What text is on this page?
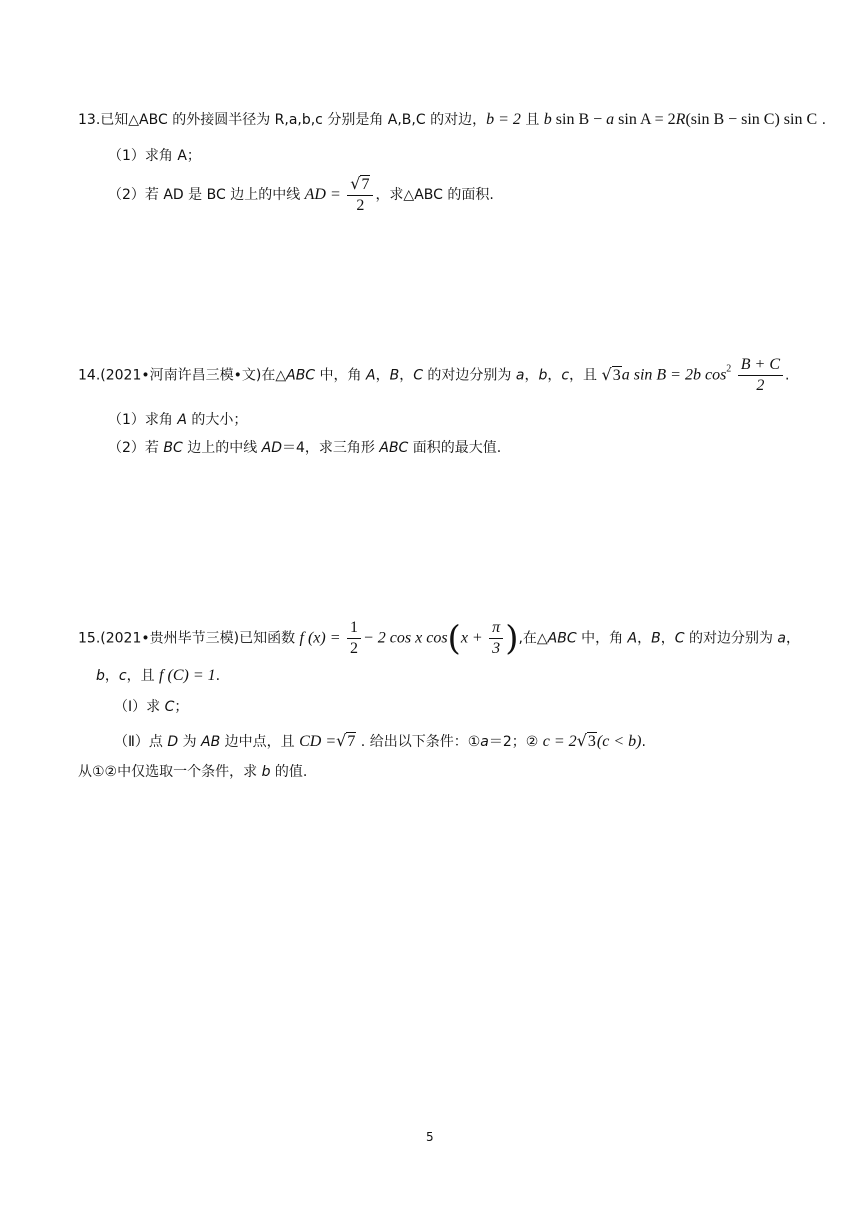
13.已知△ABC 的外接圆半径为 R,a,b,c 分别是角 A,B,C 的对边，b = 2 且 b sin B − a sin A = 2R(sin B − sin C) sin C .
（1）求角 A；
（2）若 AD 是 BC 边上的中线 AD = $\frac{√7}{2}$ ，求△ABC 的面积.
14.(2021•河南许昌三模•文)在△ABC 中，角 A，B，C 的对边分别为 a，b，c，且 √3a sin B = 2b $\cos^2 \frac{B + C}{2}$ .
（1）求角 A 的大小；
（2）若 BC 边上的中线 AD＝4，求三角形 ABC 面积的最大值.
15.(2021•贵州毕节三模)已知函数 f $(x) = \frac{1}{2} - 2$ cos x $\cos(x + \frac{\pi}{3}$ ),在△ABC 中，角 A，B，C 的对边分别为 a，
b，c，且 f (C) = 1.
（Ⅰ）求 C；
（Ⅱ）点 D 为 AB 边中点，且 CD =√7 . 给出以下条件：①a＝2；② c = 2√3(c < b).
从①②中仅选取一个条件，求 b 的值.
5
